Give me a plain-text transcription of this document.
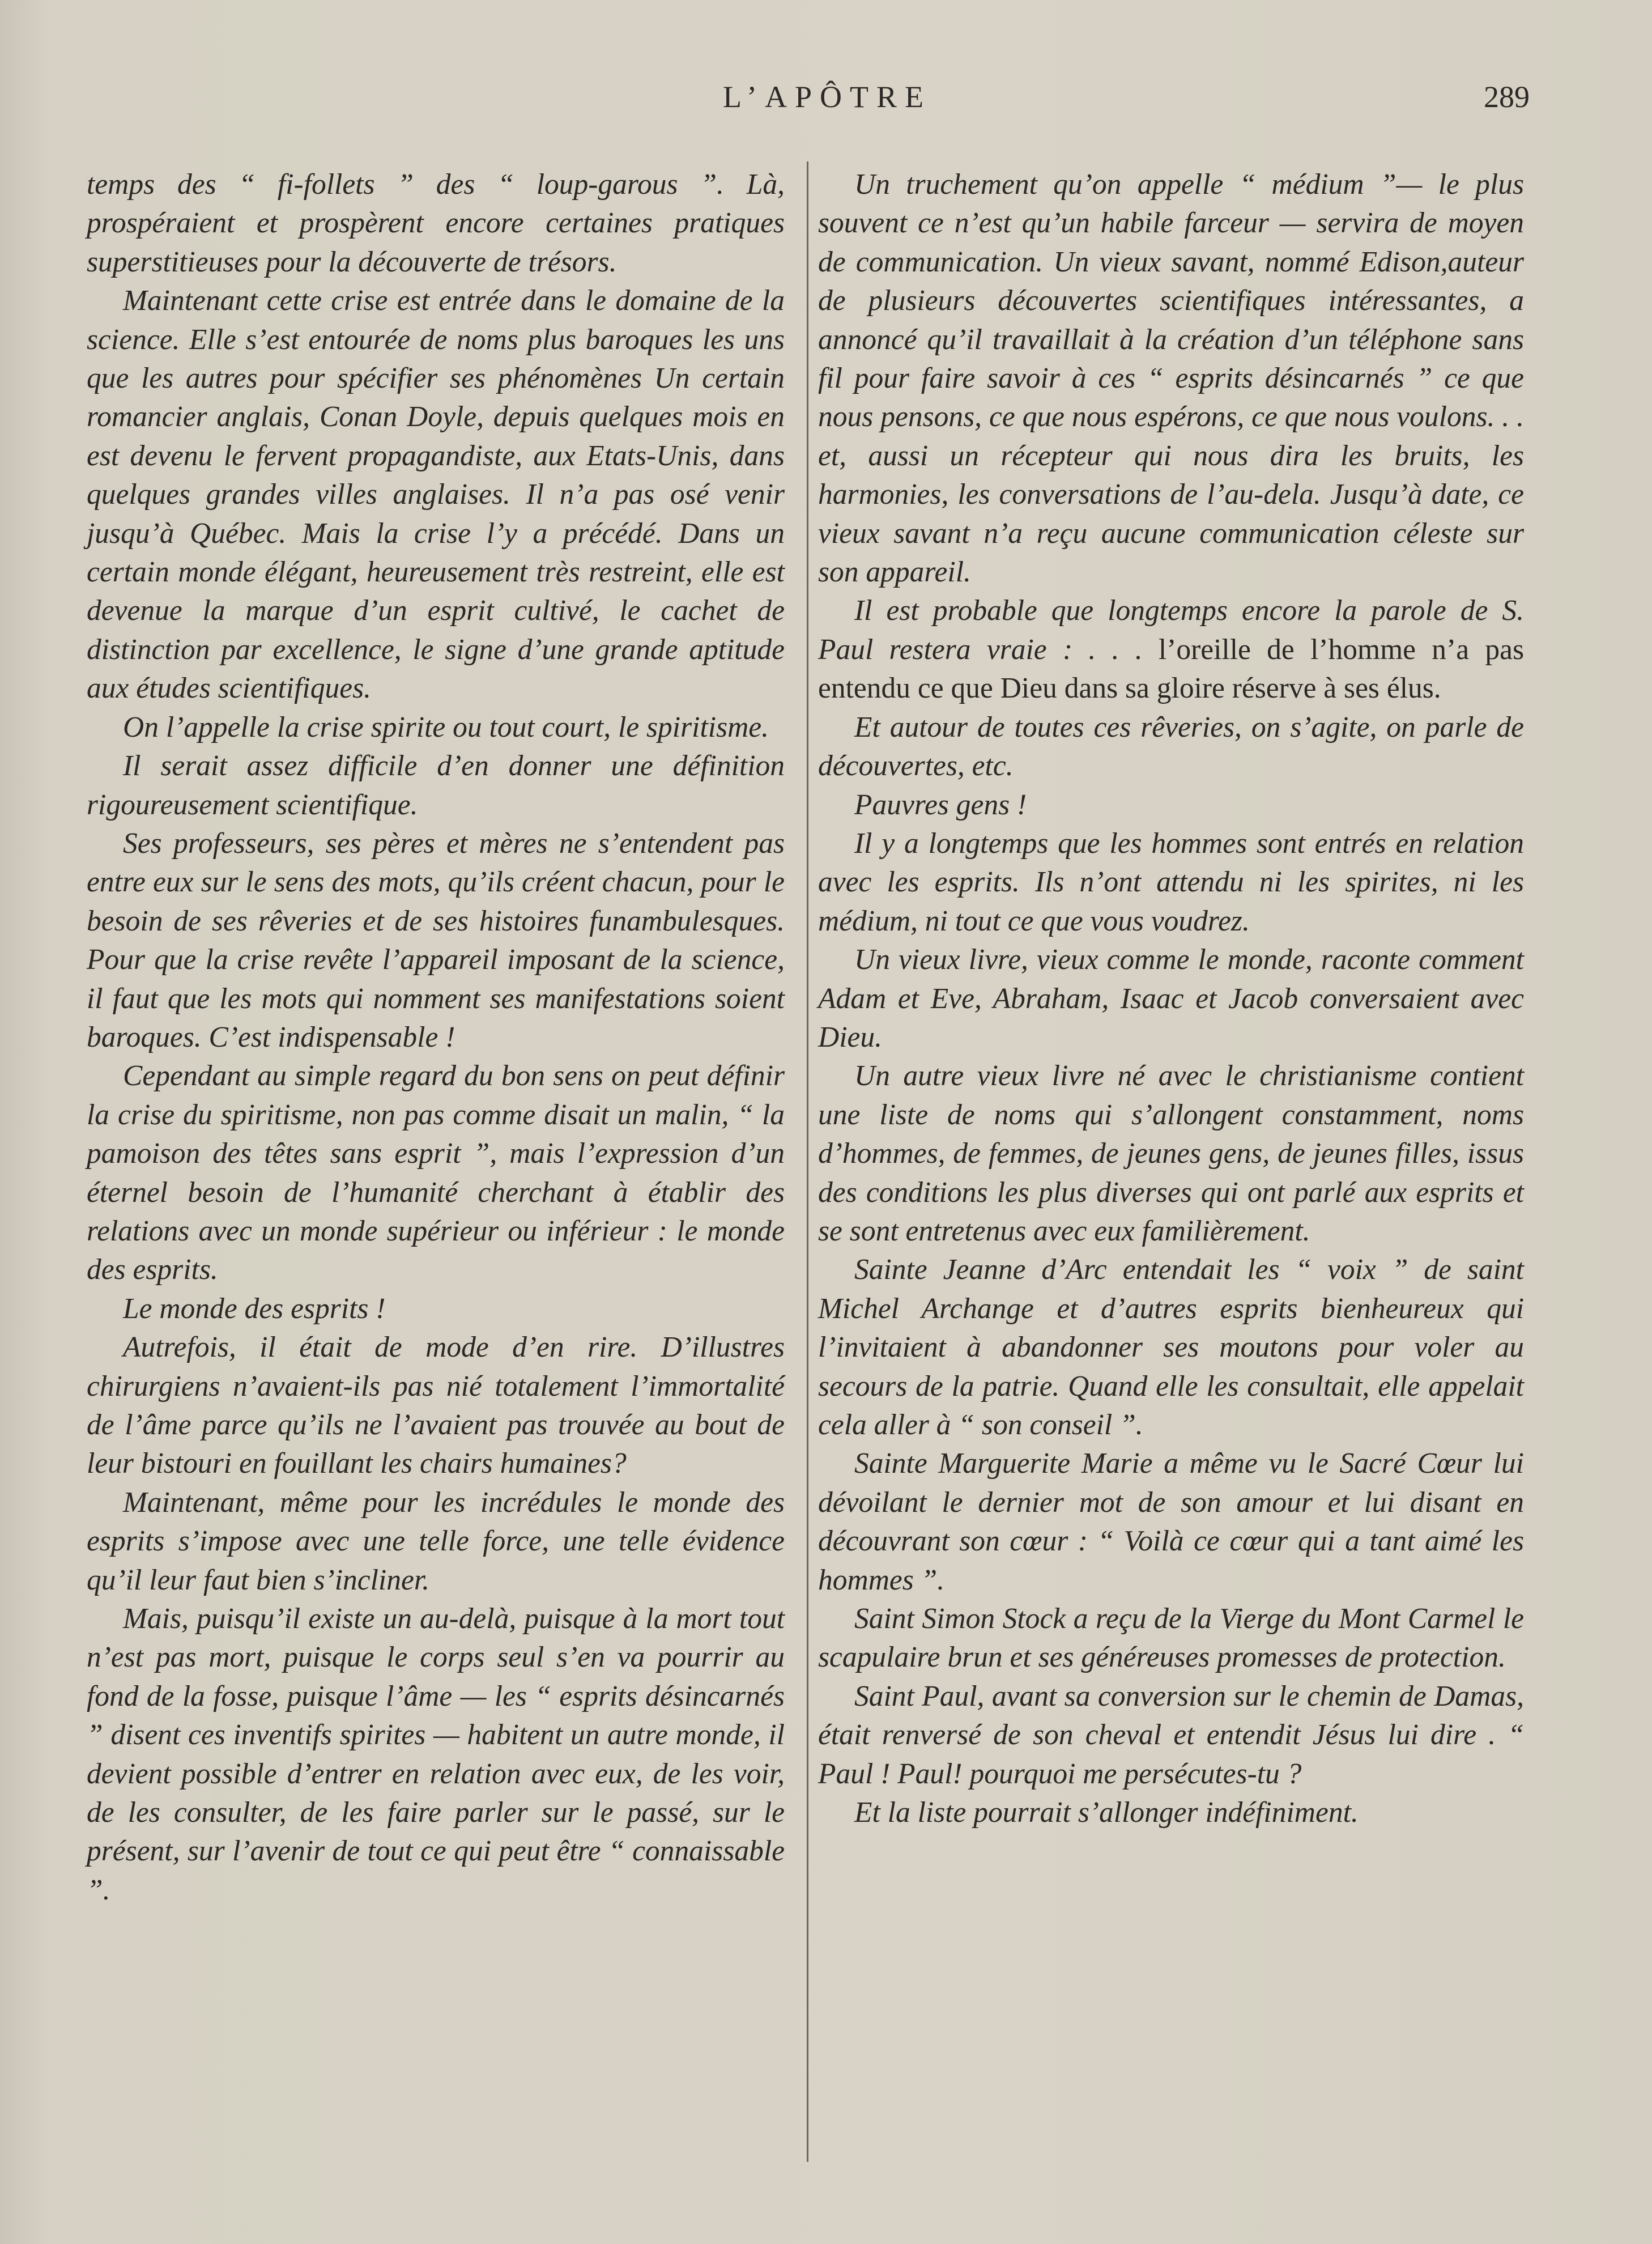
L’APÔTRE	289

temps des “ fi-follets ” des “ loup-garous ”. Là, prospéraient et prospèrent encore certaines pratiques superstitieuses pour la découverte de trésors.

Maintenant cette crise est entrée dans le domaine de la science. Elle s’est entourée de noms plus baroques les uns que les autres pour spécifier ses phénomènes Un certain romancier anglais, Conan Doyle, depuis quelques mois en est devenu le fervent propagandiste, aux Etats-Unis, dans quelques grandes villes anglaises. Il n’a pas osé venir jusqu’à Québec. Mais la crise l’y a précédé. Dans un certain monde élégant, heureusement très restreint, elle est devenue la marque d’un esprit cultivé, le cachet de distinction par excellence, le signe d’une grande aptitude aux études scientifiques.

On l’appelle la crise spirite ou tout court, le spiritisme.

Il serait assez difficile d’en donner une définition rigoureusement scientifique.

Ses professeurs, ses pères et mères ne s’entendent pas entre eux sur le sens des mots, qu’ils créent chacun, pour le besoin de ses rêveries et de ses histoires funambulesques. Pour que la crise revête l’appareil imposant de la science, il faut que les mots qui nomment ses manifestations soient baroques. C’est indispensable !

Cependant au simple regard du bon sens on peut définir la crise du spiritisme, non pas comme disait un malin, “ la pamoison des têtes sans esprit ”, mais l’expression d’un éternel besoin de l’humanité cherchant à établir des relations avec un monde supérieur ou inférieur : le monde des esprits.

Le monde des esprits !

Autrefois, il était de mode d’en rire. D’illustres chirurgiens n’avaient-ils pas nié totalement l’immortalité de l’âme parce qu’ils ne l’avaient pas trouvée au bout de leur bistouri en fouillant les chairs humaines?

Maintenant, même pour les incrédules le monde des esprits s’impose avec une telle force, une telle évidence qu’il leur faut bien s’incliner.

Mais, puisqu’il existe un au-delà, puisque à la mort tout n’est pas mort, puisque le corps seul s’en va pourrir au fond de la fosse, puisque l’âme — les “ esprits désincarnés ” disent ces inventifs spirites — habitent un autre monde, il devient possible d’entrer en relation avec eux, de les voir, de les consulter, de les faire parler sur le passé, sur le présent, sur l’avenir de tout ce qui peut être “ connaissable ”.

Un truchement qu’on appelle “ médium ”— le plus souvent ce n’est qu’un habile farceur — servira de moyen de communication. Un vieux savant, nommé Edison,auteur de plusieurs découvertes scientifiques intéressantes, a annoncé qu’il travaillait à la création d’un téléphone sans fil pour faire savoir à ces “ esprits désincarnés ” ce que nous pensons, ce que nous espérons, ce que nous voulons. . . et, aussi un récepteur qui nous dira les bruits, les harmonies, les conversations de l’au-dela. Jusqu’à date, ce vieux savant n’a reçu aucune communication céleste sur son appareil.

Il est probable que longtemps encore la parole de S. Paul restera vraie : . . . l’oreille de l’homme n’a pas entendu ce que Dieu dans sa gloire réserve à ses élus.

Et autour de toutes ces rêveries, on s’agite, on parle de découvertes, etc.

Pauvres gens !

Il y a longtemps que les hommes sont entrés en relation avec les esprits. Ils n’ont attendu ni les spirites, ni les médium, ni tout ce que vous voudrez.

Un vieux livre, vieux comme le monde, raconte comment Adam et Eve, Abraham, Isaac et Jacob conversaient avec Dieu.

Un autre vieux livre né avec le christianisme contient une liste de noms qui s’allongent constamment, noms d’hommes, de femmes, de jeunes gens, de jeunes filles, issus des conditions les plus diverses qui ont parlé aux esprits et se sont entretenus avec eux familièrement.

Sainte Jeanne d’Arc entendait les “ voix ” de saint Michel Archange et d’autres esprits bienheureux qui l’invitaient à abandonner ses moutons pour voler au secours de la patrie. Quand elle les consultait, elle appelait cela aller à “ son conseil ”.

Sainte Marguerite Marie a même vu le Sacré Cœur lui dévoilant le dernier mot de son amour et lui disant en découvrant son cœur : “ Voilà ce cœur qui a tant aimé les hommes ”.

Saint Simon Stock a reçu de la Vierge du Mont Carmel le scapulaire brun et ses généreuses promesses de protection.

Saint Paul, avant sa conversion sur le chemin de Damas, était renversé de son cheval et entendit Jésus lui dire . “ Paul ! Paul! pourquoi me persécutes-tu ?

Et la liste pourrait s’allonger indéfiniment.
